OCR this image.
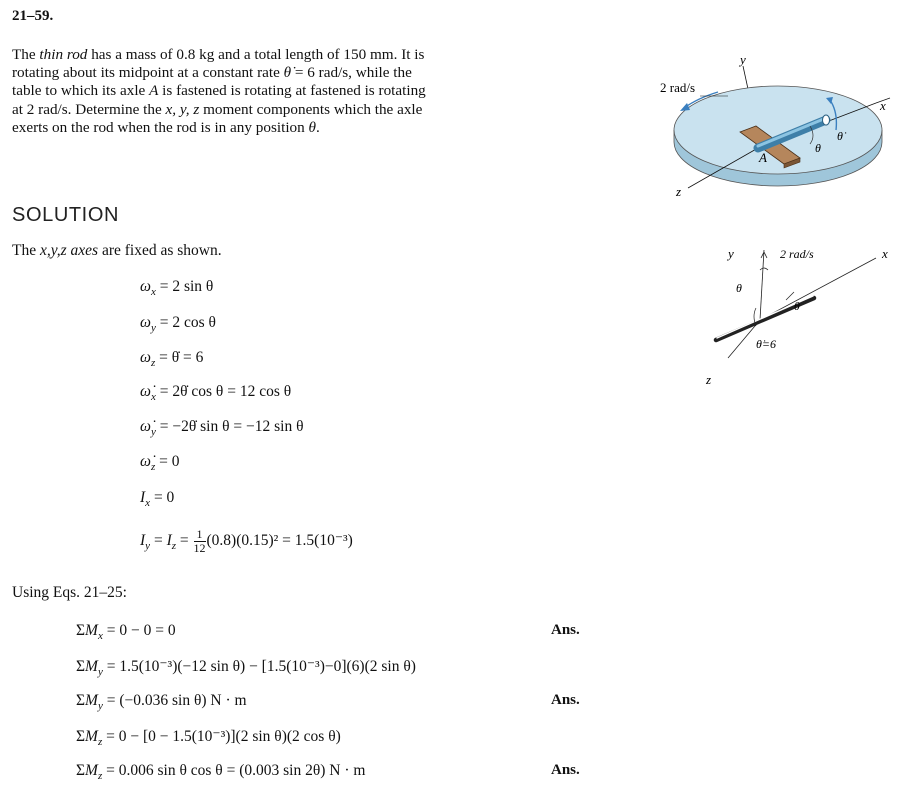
21–59.
The thin rod has a mass of 0.8 kg and a total length of 150 mm. It is rotating about its midpoint at a constant rate θ̇ = 6 rad/s, while the table to which its axle A is fastened is rotating at fastened is rotating at 2 rad/s. Determine the x, y, z moment components which the axle exerts on the rod when the rod is in any position θ.
2 rad/s
y
x
z
A
θ
θ̇
y	2 rad/s	x
θ
θ
θ̇=6
z
SOLUTION
The x,y,z axes are fixed as shown.
$\omega_x = 2$ sin θ
$\omega_y = 2$ cos θ
$\omega_z$ = θ̇ = 6
$\omegȧ_x$ = 2θ̇ cos θ = 12 cos θ
$\omegȧ_y$ = −2θ̇ sin θ = −12 sin θ
$\omegȧ_z = 0$
$I_x = 0$
$I_y = I_z = \frac{1}{12} (0.8)(0.15)^2 = 1.5(10^{-3})$
Using Eqs. 21–25:
$\Sigma M_x = 0 - 0 = 0$	Ans.
$\Sigma M_y = 1.5(10^{-3})(-12$ sin θ) − [1.5(10⁻³)−0](6)(2 sin θ)
$\Sigma M_y = (-0.036$ sin θ) N · m	Ans.
$\Sigma M_z = 0 - [0 - 1.5(10^{-3})](2$ sin θ)(2 cos θ)
$\Sigma M_z = 0.006$ sin θ cos θ = (0.003 sin 2θ) N · m	Ans.
